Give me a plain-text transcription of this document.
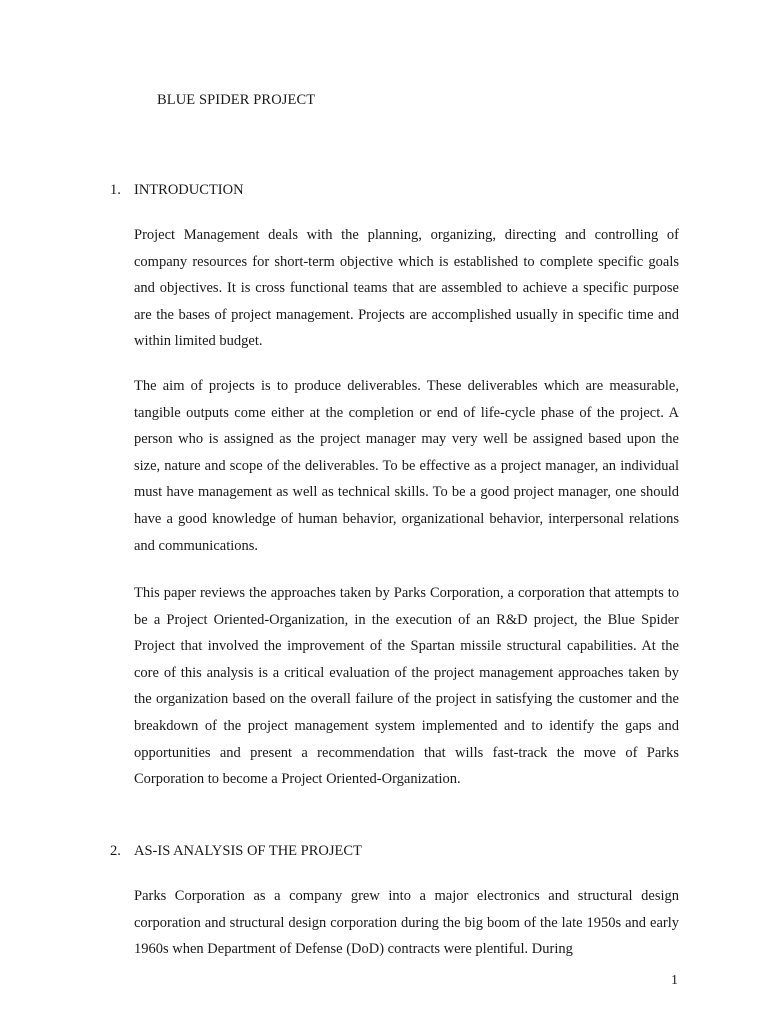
BLUE SPIDER PROJECT
1. INTRODUCTION

Project Management deals with the planning, organizing, directing and controlling of company resources for short-term objective which is established to complete specific goals and objectives. It is cross functional teams that are assembled to achieve a specific purpose are the bases of project management. Projects are accomplished usually in specific time and within limited budget.

The aim of projects is to produce deliverables. These deliverables which are measurable, tangible outputs come either at the completion or end of life-cycle phase of the project. A person who is assigned as the project manager may very well be assigned based upon the size, nature and scope of the deliverables. To be effective as a project manager, an individual must have management as well as technical skills. To be a good project manager, one should have a good knowledge of human behavior, organizational behavior, interpersonal relations and communications.

This paper reviews the approaches taken by Parks Corporation, a corporation that attempts to be a Project Oriented-Organization, in the execution of an R&D project, the Blue Spider Project that involved the improvement of the Spartan missile structural capabilities. At the core of this analysis is a critical evaluation of the project management approaches taken by the organization based on the overall failure of the project in satisfying the customer and the breakdown of the project management system implemented and to identify the gaps and opportunities and present a recommendation that wills fast-track the move of Parks Corporation to become a Project Oriented-Organization.

2. AS-IS ANALYSIS OF THE PROJECT

Parks Corporation as a company grew into a major electronics and structural design corporation and structural design corporation during the big boom of the late 1950s and early 1960s when Department of Defense (DoD) contracts were plentiful. During

1
